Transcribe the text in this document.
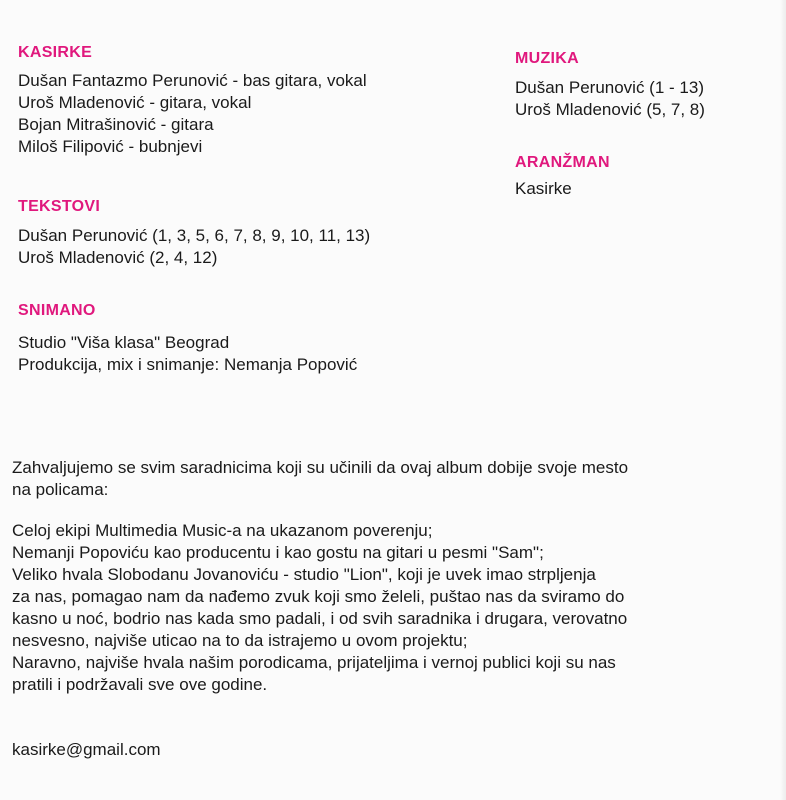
KASIRKE
Dušan Fantazmo Perunović - bas gitara, vokal
Uroš Mladenović - gitara, vokal
Bojan Mitrašinović - gitara
Miloš Filipović - bubnjevi
TEKSTOVI
Dušan Perunović (1, 3, 5, 6, 7, 8, 9, 10, 11, 13)
Uroš Mladenović (2, 4, 12)
SNIMANO
Studio "Viša klasa" Beograd
Produkcija, mix i snimanje: Nemanja Popović
MUZIKA
Dušan Perunović (1 - 13)
Uroš Mladenović (5, 7, 8)
ARANŽMAN
Kasirke
Zahvaljujemo se svim saradnicima koji su učinili da ovaj album dobije svoje mesto
na policama:
Celoj ekipi Multimedia Music-a na ukazanom poverenju;
Nemanji Popoviću kao producentu i kao gostu na gitari u pesmi "Sam";
Veliko hvala Slobodanu Jovanoviću - studio "Lion", koji je uvek imao strpljenja
za nas, pomagao nam da nađemo zvuk koji smo želeli, puštao nas da sviramo do
kasno u noć, bodrio nas kada smo padali, i od svih saradnika i drugara, verovatno
nesvesno, najviše uticao na to da istrajemo u ovom projektu;
Naravno, najviše hvala našim porodicama, prijateljima i vernoj publici koji su nas
pratili i podržavali sve ove godine.
kasirke@gmail.com
